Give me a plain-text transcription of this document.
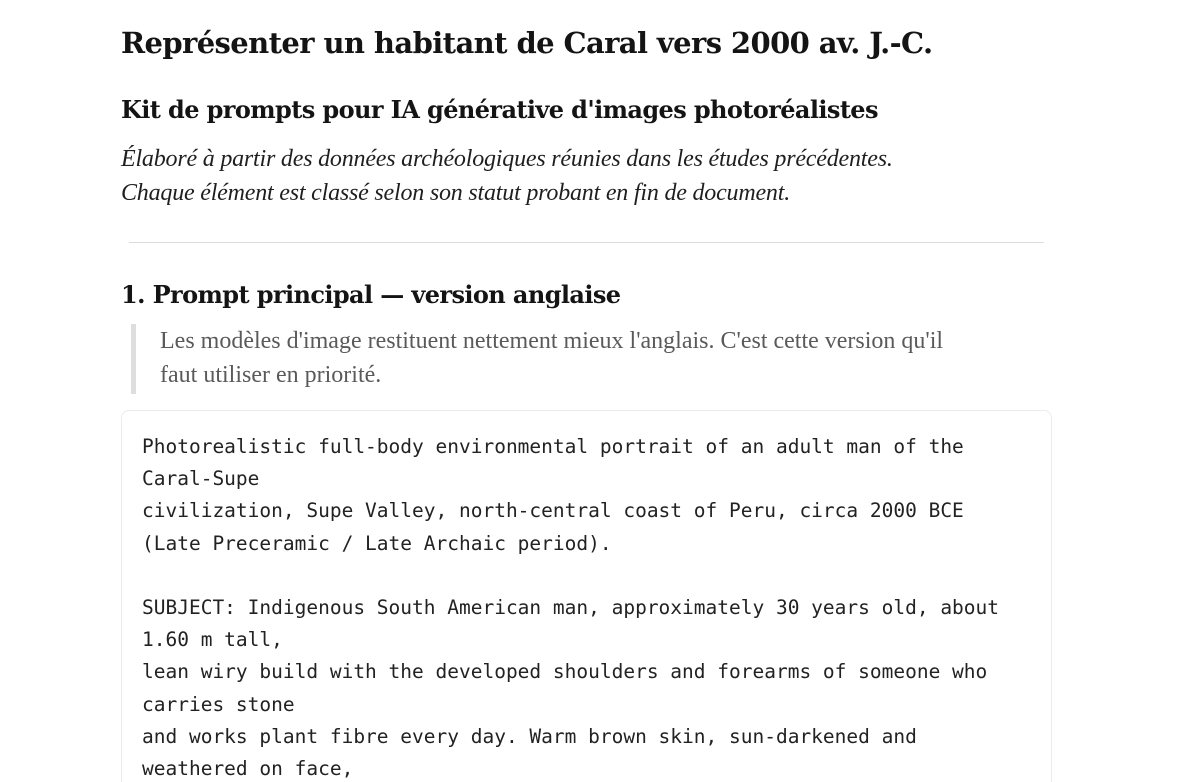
Représenter un habitant de Caral vers 2000 av. J.-C.
Kit de prompts pour IA générative d'images photoréalistes

Élaboré à partir des données archéologiques réunies dans les études précédentes.
Chaque élément est classé selon son statut probant en fin de document.

1. Prompt principal — version anglaise
Les modèles d'image restituent nettement mieux l'anglais. C'est cette version qu'il
faut utiliser en priorité.
Photorealistic full-body environmental portrait of an adult man of the
Caral-Supe
civilization, Supe Valley, north-central coast of Peru, circa 2000 BCE
(Late Preceramic / Late Archaic period).
SUBJECT: Indigenous South American man, approximately 30 years old, about
1.60 m tall,
lean wiry build with the developed shoulders and forearms of someone who
carries stone
and works plant fibre every day. Warm brown skin, sun-darkened and
weathered on face,
